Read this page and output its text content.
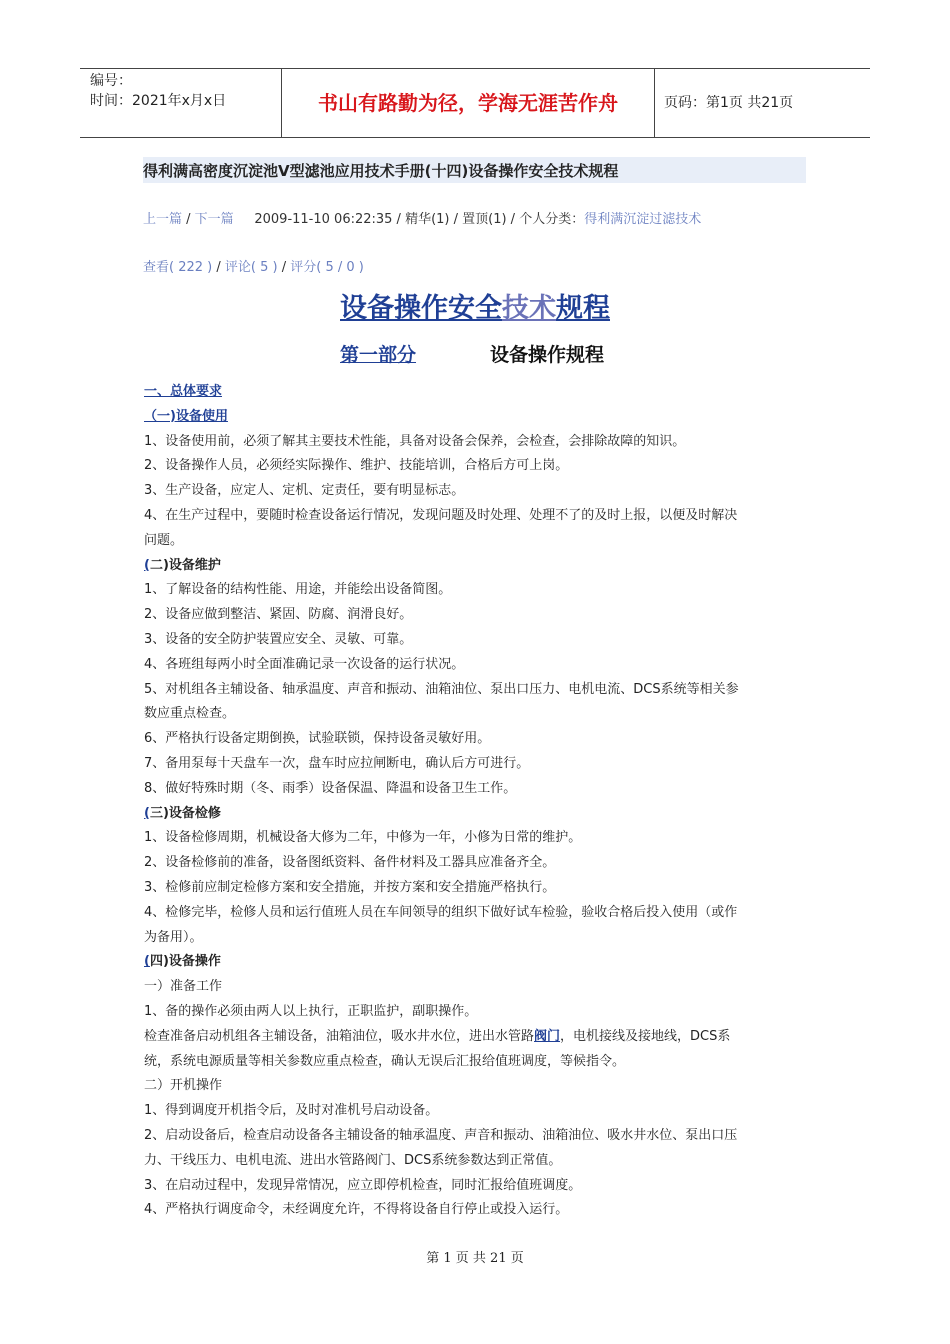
编号：
时间：2021年x月x日	书山有路勤为径，学海无涯苦作舟	页码：第1页 共21页
得利满高密度沉淀池Ⅴ型滤池应用技术手册(十四)设备操作安全技术规程
上一篇 / 下一篇 2009-11-10 06:22:35 / 精华(1) / 置顶(1) / 个人分类：得利满沉淀过滤技术
查看( 222 ) / 评论( 5 ) / 评分( 5 / 0 )
设备操作安全技术规程
第一部分	设备操作规程

一、总体要求

（一)设备使用

1、设备使用前，必须了解其主要技术性能，具备对设备会保养，会检查，会排除故障的知识。

2、设备操作人员，必须经实际操作、维护、技能培训，合格后方可上岗。

3、生产设备，应定人、定机、定责任，要有明显标志。

4、在生产过程中，要随时检查设备运行情况，发现问题及时处理、处理不了的及时上报，以便及时解决

问题。

(二)设备维护

1、了解设备的结构性能、用途，并能绘出设备简图。

2、设备应做到整洁、紧固、防腐、润滑良好。

3、设备的安全防护装置应安全、灵敏、可靠。

4、各班组每两小时全面准确记录一次设备的运行状况。

5、对机组各主辅设备、轴承温度、声音和振动、油箱油位、泵出口压力、电机电流、DCS系统等相关参

数应重点检查。

6、严格执行设备定期倒换，试验联锁，保持设备灵敏好用。

7、备用泵每十天盘车一次，盘车时应拉闸断电，确认后方可进行。

8、做好特殊时期（冬、雨季）设备保温、降温和设备卫生工作。

(三)设备检修

1、设备检修周期，机械设备大修为二年，中修为一年，小修为日常的维护。

2、设备检修前的准备，设备图纸资料、备件材料及工器具应准备齐全。

3、检修前应制定检修方案和安全措施，并按方案和安全措施严格执行。

4、检修完毕，检修人员和运行值班人员在车间领导的组织下做好试车检验，验收合格后投入使用（或作

为备用）。

(四)设备操作

一）准备工作

1、备的操作必须由两人以上执行，正职监护，副职操作。

检查准备启动机组各主辅设备，油箱油位，吸水井水位，进出水管路阀门，电机接线及接地线，DCS系

统，系统电源质量等相关参数应重点检查，确认无误后汇报给值班调度，等候指令。

二）开机操作

1、得到调度开机指令后，及时对准机号启动设备。

2、启动设备后，检查启动设备各主辅设备的轴承温度、声音和振动、油箱油位、吸水井水位、泵出口压

力、干线压力、电机电流、进出水管路阀门、DCS系统参数达到正常值。

3、在启动过程中，发现异常情况，应立即停机检查，同时汇报给值班调度。

4、严格执行调度命令，未经调度允许，不得将设备自行停止或投入运行。

第 1 页 共 21 页
